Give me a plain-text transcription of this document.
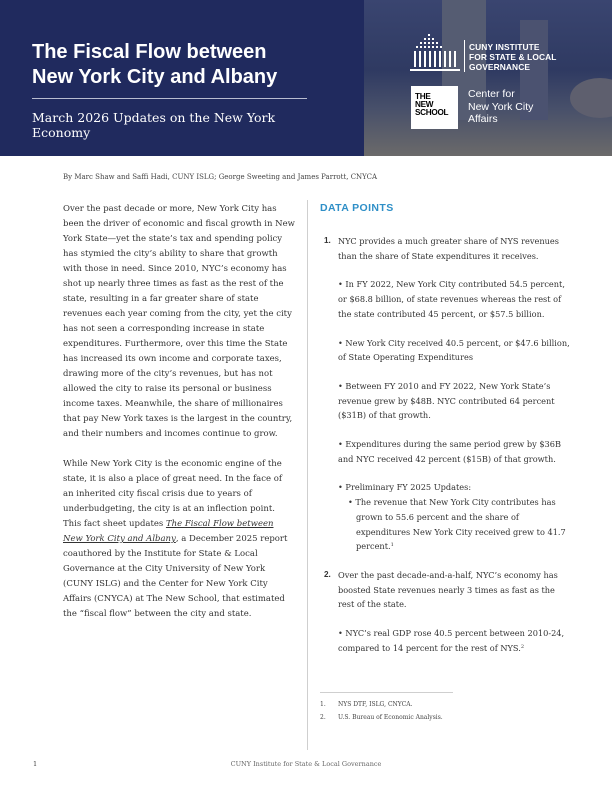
The Fiscal Flow between
New York City and Albany
March 2026 Updates on the New York Economy
CUNY INSTITUTE
FOR STATE & LOCAL
GOVERNANCE
THE
NEW
SCHOOL
Center for
New York City
Affairs
By Marc Shaw and Saffi Hadi, CUNY ISLG; George Sweeting and James Parrott, CNYCA

Over the past decade or more, New York City has been the driver of economic and fiscal growth in New York State—yet the state’s tax and spending policy has stymied the city’s ability to share that growth with those in need. Since 2010, NYC’s economy has shot up nearly three times as fast as the rest of the state, resulting in a far greater share of state revenues each year coming from the city, yet the city has not seen a corresponding increase in state expenditures. Furthermore, over this time the State has increased its own income and corporate taxes, drawing more of the city’s revenues, but has not allowed the city to raise its personal or business income taxes. Meanwhile, the share of millionaires that pay New York taxes is the largest in the country, and their numbers and incomes continue to grow.

While New York City is the economic engine of the state, it is also a place of great need. In the face of an inherited city fiscal crisis due to years of underbudgeting, the city is at an inflection point. This fact sheet updates The Fiscal Flow between New York City and Albany, a December 2025 report coauthored by the Institute for State & Local Governance at the City University of New York (CUNY ISLG) and the Center for New York City Affairs (CNYCA) at The New School, that estimated the “fiscal flow” between the city and state.

DATA POINTS
1. NYC provides a much greater share of NYS revenues than the share of State expenditures it receives.
• In FY 2022, New York City contributed 54.5 percent, or $68.8 billion, of state revenues whereas the rest of the state contributed 45 percent, or $57.5 billion.
• New York City received 40.5 percent, or $47.6 billion, of State Operating Expenditures
• Between FY 2010 and FY 2022, New York State’s revenue grew by $48B. NYC contributed 64 percent ($31B) of that growth.
• Expenditures during the same period grew by $36B and NYC received 42 percent ($15B) of that growth.
• Preliminary FY 2025 Updates:
• The revenue that New York City contributes has grown to 55.6 percent and the share of expenditures New York City received grew to 41.7 percent.$^1$
2. Over the past decade-and-a-half, NYC’s economy has boosted State revenues nearly 3 times as fast as the rest of the state.
• NYC’s real GDP rose 40.5 percent between 2010-24, compared to 14 percent for the rest of NYS.$^2$
1. NYS DTF, ISLG, CNYCA.
2. U.S. Bureau of Economic Analysis.
CUNY Institute for State & Local Governance
1
